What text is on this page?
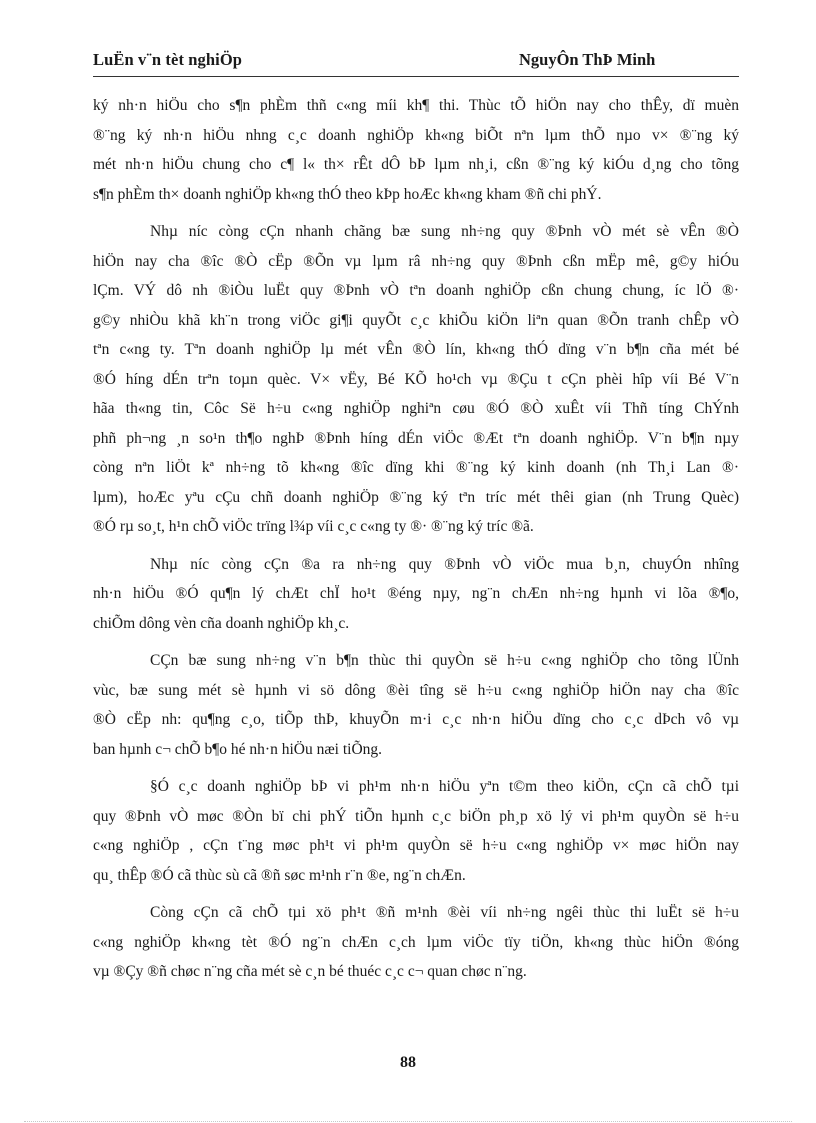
LuËn v¨n tèt nghiÖp	NguyÔn ThÞ Minh
ký nh·n hiÖu cho s¶n phÈm thñ c«ng míi kh¶ thi. Thùc tÕ hiÖn nay cho thÊy, dï muèn
®¨ng ký nh·n hiÖu nhng c¸c doanh nghiÖp kh«ng biÕt nªn lµm thÕ nµo v× ®¨ng ký
mét nh·n hiÖu chung cho c¶ l« th× rÊt dÔ bÞ lµm nh¸i, cßn ®¨ng ký kiÓu d¸ng cho tõng
s¶n phÈm th× doanh nghiÖp kh«ng thÓ theo kÞp hoÆc kh«ng kham ®ñ chi phÝ.
Nhµ níc còng cÇn nhanh chãng bæ sung nh÷ng quy ®Þnh vÒ mét sè vÊn ®Ò
hiÖn nay cha ®îc ®Ò cËp ®Õn vµ lµm râ nh÷ng quy ®Þnh cßn mËp mê, g©y hiÓu
lÇm. VÝ dô nh ®iÒu luËt quy ®Þnh vÒ tªn doanh nghiÖp cßn chung chung, íc lÖ ®·
g©y nhiÒu khã kh¨n trong viÖc gi¶i quyÕt c¸c khiÕu kiÖn liªn quan ®Õn tranh chÊp vÒ
tªn c«ng ty. Tªn doanh nghiÖp lµ mét vÊn ®Ò lín, kh«ng thÓ dïng v¨n b¶n cña mét bé
®Ó híng dÉn trªn toµn quèc. V× vËy, Bé KÕ ho¹ch vµ ®Çu t cÇn phèi hîp víi Bé V¨n
hãa th«ng tin, Côc Së h÷u c«ng nghiÖp nghiªn cøu ®Ó ®Ò xuÊt víi Thñ tíng ChÝnh
phñ ph¬ng ¸n so¹n th¶o nghÞ ®Þnh híng dÉn viÖc ®Æt tªn doanh nghiÖp. V¨n b¶n nµy
còng nªn liÖt kª nh÷ng tõ kh«ng ®îc dïng khi ®¨ng ký kinh doanh (nh Th¸i Lan ®·
lµm), hoÆc yªu cÇu chñ doanh nghiÖp ®¨ng ký tªn tríc mét thêi gian (nh Trung Quèc)
®Ó rµ so¸t, h¹n chÕ viÖc trïng l¾p víi c¸c c«ng ty ®· ®¨ng ký tríc ®ã.
Nhµ níc còng cÇn ®a ra nh÷ng quy ®Þnh vÒ viÖc mua b¸n, chuyÓn nhîng
nh·n hiÖu ®Ó qu¶n lý chÆt chÏ ho¹t ®éng nµy, ng¨n chÆn nh÷ng hµnh vi lõa ®¶o,
chiÕm dông vèn cña doanh nghiÖp kh¸c.
CÇn bæ sung nh÷ng v¨n b¶n thùc thi quyÒn së h÷u c«ng nghiÖp cho tõng lÜnh
vùc, bæ sung mét sè hµnh vi sö dông ®èi tîng së h÷u c«ng nghiÖp hiÖn nay cha ®îc
®Ò cËp nh: qu¶ng c¸o, tiÕp thÞ, khuyÕn m·i c¸c nh·n hiÖu dïng cho c¸c dÞch vô vµ
ban hµnh c¬ chÕ b¶o hé nh·n hiÖu næi tiÕng.
§Ó c¸c doanh nghiÖp bÞ vi ph¹m nh·n hiÖu yªn t©m theo kiÖn, cÇn cã chÕ tµi
quy ®Þnh vÒ møc ®Òn bï chi phÝ tiÕn hµnh c¸c biÖn ph¸p xö lý vi ph¹m quyÒn së h÷u
c«ng nghiÖp , cÇn t¨ng møc ph¹t vi ph¹m quyÒn së h÷u c«ng nghiÖp v× møc hiÖn nay
qu¸ thÊp ®Ó cã thùc sù cã ®ñ søc m¹nh r¨n ®e, ng¨n chÆn.
Còng cÇn cã chÕ tµi xö ph¹t ®ñ m¹nh ®èi víi nh÷ng ngêi thùc thi luËt së h÷u
c«ng nghiÖp kh«ng tèt ®Ó ng¨n chÆn c¸ch lµm viÖc tïy tiÖn, kh«ng thùc hiÖn ®óng
vµ ®Çy ®ñ chøc n¨ng cña mét sè c¸n bé thuéc c¸c c¬ quan chøc n¨ng.
88
